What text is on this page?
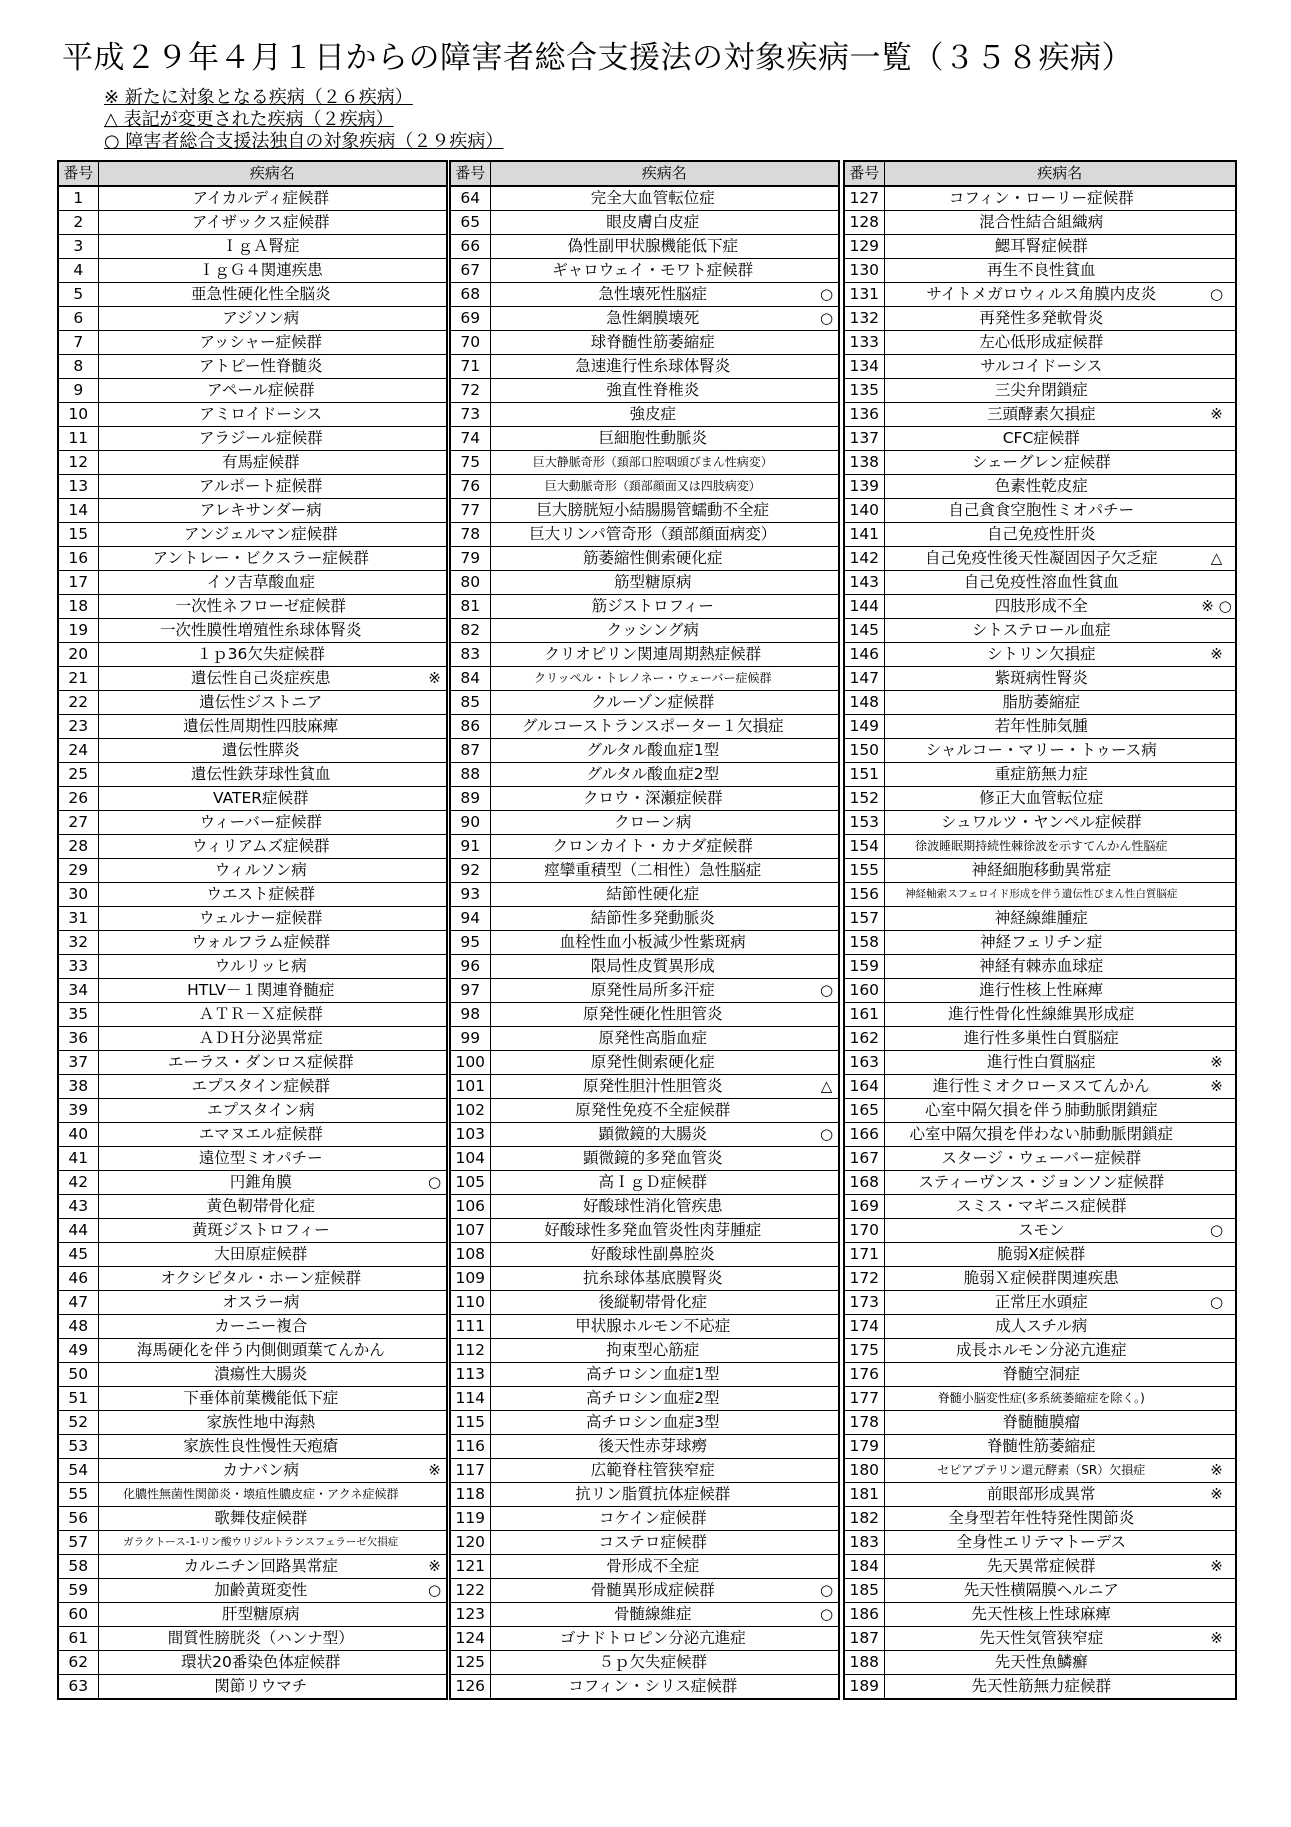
平成２９年４月１日からの障害者総合支援法の対象疾病一覧（３５８疾病）
※ 新たに対象となる疾病（２６疾病）
△ 表記が変更された疾病（２疾病）
○ 障害者総合支援法独自の対象疾病（２９疾病）
番号	疾病名	
1	アイカルディ症候群	
2	アイザックス症候群	
3	ＩｇＡ腎症	
4	ＩｇＧ４関連疾患	
5	亜急性硬化性全脳炎	
6	アジソン病	
7	アッシャー症候群	
8	アトピー性脊髄炎	
9	アペール症候群	
10	アミロイドーシス	
11	アラジール症候群	
12	有馬症候群	
13	アルポート症候群	
14	アレキサンダー病	
15	アンジェルマン症候群	
16	アントレー・ビクスラー症候群	
17	イソ吉草酸血症	
18	一次性ネフローゼ症候群	
19	一次性膜性増殖性糸球体腎炎	
20	１ｐ36欠失症候群	
21	遺伝性自己炎症疾患	※
22	遺伝性ジストニア	
23	遺伝性周期性四肢麻痺	
24	遺伝性膵炎	
25	遺伝性鉄芽球性貧血	
26	VATER症候群	
27	ウィーバー症候群	
28	ウィリアムズ症候群	
29	ウィルソン病	
30	ウエスト症候群	
31	ウェルナー症候群	
32	ウォルフラム症候群	
33	ウルリッヒ病	
34	HTLV－１関連脊髄症	
35	ＡＴＲ－Ｘ症候群	
36	ＡＤＨ分泌異常症	
37	エーラス・ダンロス症候群	
38	エプスタイン症候群	
39	エプスタイン病	
40	エマヌエル症候群	
41	遠位型ミオパチー	
42	円錐角膜	○
43	黄色靭帯骨化症	
44	黄斑ジストロフィー	
45	大田原症候群	
46	オクシピタル・ホーン症候群	
47	オスラー病	
48	カーニー複合	
49	海馬硬化を伴う内側側頭葉てんかん	
50	潰瘍性大腸炎	
51	下垂体前葉機能低下症	
52	家族性地中海熱	
53	家族性良性慢性天疱瘡	
54	カナバン病	※
55	化膿性無菌性関節炎・壊疽性膿皮症・アクネ症候群	
56	歌舞伎症候群	
57	ガラクトース-1-リン酸ウリジルトランスフェラーゼ欠損症	
58	カルニチン回路異常症	※
59	加齢黄斑変性	○
60	肝型糖原病	
61	間質性膀胱炎（ハンナ型）	
62	環状20番染色体症候群	
63	関節リウマチ	
番号	疾病名	
64	完全大血管転位症	
65	眼皮膚白皮症	
66	偽性副甲状腺機能低下症	
67	ギャロウェイ・モワト症候群	
68	急性壊死性脳症	○
69	急性網膜壊死	○
70	球脊髄性筋萎縮症	
71	急速進行性糸球体腎炎	
72	強直性脊椎炎	
73	強皮症	
74	巨細胞性動脈炎	
75	巨大静脈奇形（頚部口腔咽頭びまん性病変）	
76	巨大動脈奇形（頚部顔面又は四肢病変）	
77	巨大膀胱短小結腸腸管蠕動不全症	
78	巨大リンパ管奇形（頚部顔面病変）	
79	筋萎縮性側索硬化症	
80	筋型糖原病	
81	筋ジストロフィー	
82	クッシング病	
83	クリオピリン関連周期熱症候群	
84	クリッペル・トレノネー・ウェーバー症候群	
85	クルーゾン症候群	
86	グルコーストランスポーター１欠損症	
87	グルタル酸血症1型	
88	グルタル酸血症2型	
89	クロウ・深瀬症候群	
90	クローン病	
91	クロンカイト・カナダ症候群	
92	痙攣重積型（二相性）急性脳症	
93	結節性硬化症	
94	結節性多発動脈炎	
95	血栓性血小板減少性紫斑病	
96	限局性皮質異形成	
97	原発性局所多汗症	○
98	原発性硬化性胆管炎	
99	原発性高脂血症	
100	原発性側索硬化症	
101	原発性胆汁性胆管炎	△
102	原発性免疫不全症候群	
103	顕微鏡的大腸炎	○
104	顕微鏡的多発血管炎	
105	高ＩｇＤ症候群	
106	好酸球性消化管疾患	
107	好酸球性多発血管炎性肉芽腫症	
108	好酸球性副鼻腔炎	
109	抗糸球体基底膜腎炎	
110	後縦靭帯骨化症	
111	甲状腺ホルモン不応症	
112	拘束型心筋症	
113	高チロシン血症1型	
114	高チロシン血症2型	
115	高チロシン血症3型	
116	後天性赤芽球癆	
117	広範脊柱管狭窄症	
118	抗リン脂質抗体症候群	
119	コケイン症候群	
120	コステロ症候群	
121	骨形成不全症	
122	骨髄異形成症候群	○
123	骨髄線維症	○
124	ゴナドトロピン分泌亢進症	
125	５ｐ欠失症候群	
126	コフィン・シリス症候群	
番号	疾病名	
127	コフィン・ローリー症候群	
128	混合性結合組織病	
129	鰓耳腎症候群	
130	再生不良性貧血	
131	サイトメガロウィルス角膜内皮炎	○
132	再発性多発軟骨炎	
133	左心低形成症候群	
134	サルコイドーシス	
135	三尖弁閉鎖症	
136	三頭酵素欠損症	※
137	CFC症候群	
138	シェーグレン症候群	
139	色素性乾皮症	
140	自己貪食空胞性ミオパチー	
141	自己免疫性肝炎	
142	自己免疫性後天性凝固因子欠乏症	△
143	自己免疫性溶血性貧血	
144	四肢形成不全	※ ○
145	シトステロール血症	
146	シトリン欠損症	※
147	紫斑病性腎炎	
148	脂肪萎縮症	
149	若年性肺気腫	
150	シャルコー・マリー・トゥース病	
151	重症筋無力症	
152	修正大血管転位症	
153	シュワルツ・ヤンペル症候群	
154	徐波睡眠期持続性棘徐波を示すてんかん性脳症	
155	神経細胞移動異常症	
156	神経軸索スフェロイド形成を伴う遺伝性びまん性白質脳症	
157	神経線維腫症	
158	神経フェリチン症	
159	神経有棘赤血球症	
160	進行性核上性麻痺	
161	進行性骨化性線維異形成症	
162	進行性多巣性白質脳症	
163	進行性白質脳症	※
164	進行性ミオクローヌスてんかん	※
165	心室中隔欠損を伴う肺動脈閉鎖症	
166	心室中隔欠損を伴わない肺動脈閉鎖症	
167	スタージ・ウェーバー症候群	
168	スティーヴンス・ジョンソン症候群	
169	スミス・マギニス症候群	
170	スモン	○
171	脆弱X症候群	
172	脆弱Ｘ症候群関連疾患	
173	正常圧水頭症	○
174	成人スチル病	
175	成長ホルモン分泌亢進症	
176	脊髄空洞症	
177	脊髄小脳変性症(多系統萎縮症を除く。)	
178	脊髄髄膜瘤	
179	脊髄性筋萎縮症	
180	セピアプテリン還元酵素（SR）欠損症	※
181	前眼部形成異常	※
182	全身型若年性特発性関節炎	
183	全身性エリテマトーデス	
184	先天異常症候群	※
185	先天性横隔膜ヘルニア	
186	先天性核上性球麻痺	
187	先天性気管狭窄症	※
188	先天性魚鱗癬	
189	先天性筋無力症候群	
